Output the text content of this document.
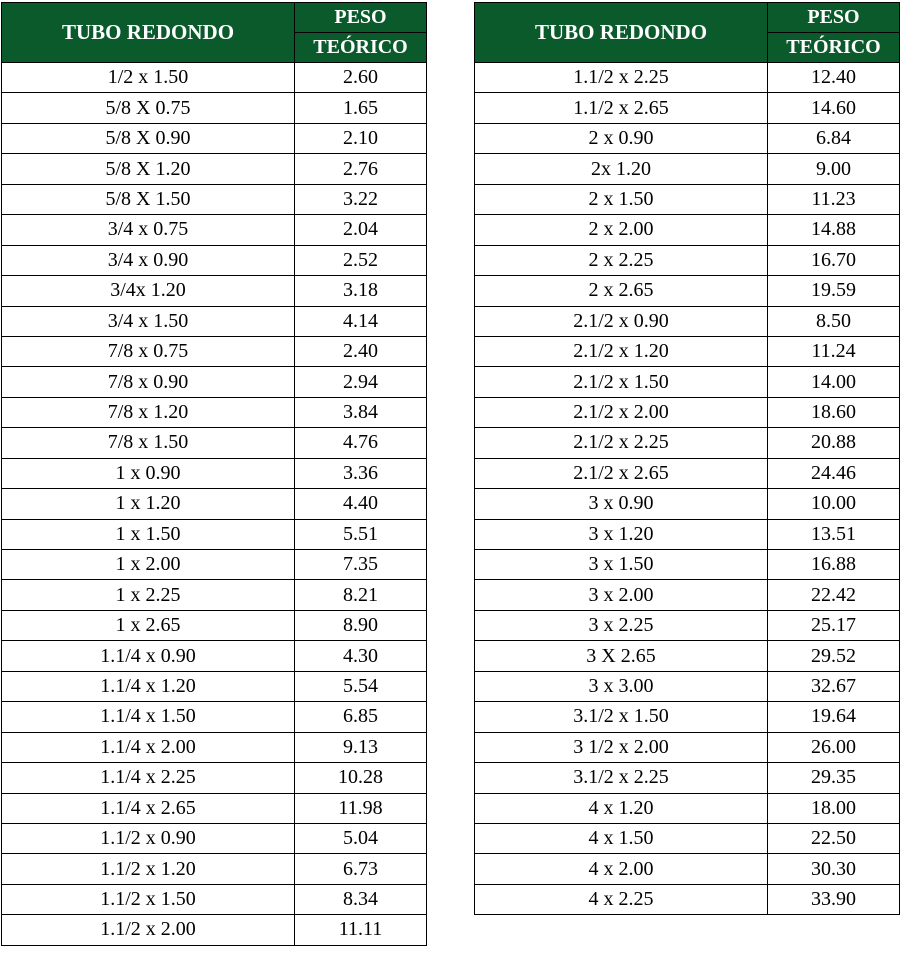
TUBO REDONDO	PESO
	TEÓRICO
1/2 x 1.50	2.60
5/8 X 0.75	1.65
5/8 X 0.90	2.10
5/8 X 1.20	2.76
5/8 X 1.50	3.22
3/4 x 0.75	2.04
3/4 x 0.90	2.52
3/4x 1.20	3.18
3/4 x 1.50	4.14
7/8 x 0.75	2.40
7/8 x 0.90	2.94
7/8 x 1.20	3.84
7/8 x 1.50	4.76
1 x 0.90	3.36
1 x 1.20	4.40
1 x 1.50	5.51
1 x 2.00	7.35
1 x 2.25	8.21
1 x 2.65	8.90
1.1/4 x 0.90	4.30
1.1/4 x 1.20	5.54
1.1/4 x 1.50	6.85
1.1/4 x 2.00	9.13
1.1/4 x 2.25	10.28
1.1/4 x 2.65	11.98
1.1/2 x 0.90	5.04
1.1/2 x 1.20	6.73
1.1/2 x 1.50	8.34
1.1/2 x 2.00	11.11
TUBO REDONDO	PESO
	TEÓRICO
1.1/2 x 2.25	12.40
1.1/2 x 2.65	14.60
2 x 0.90	6.84
2x 1.20	9.00
2 x 1.50	11.23
2 x 2.00	14.88
2 x 2.25	16.70
2 x 2.65	19.59
2.1/2 x 0.90	8.50
2.1/2 x 1.20	11.24
2.1/2 x 1.50	14.00
2.1/2 x 2.00	18.60
2.1/2 x 2.25	20.88
2.1/2 x 2.65	24.46
3 x 0.90	10.00
3 x 1.20	13.51
3 x 1.50	16.88
3 x 2.00	22.42
3 x 2.25	25.17
3 X 2.65	29.52
3 x 3.00	32.67
3.1/2 x 1.50	19.64
3 1/2 x 2.00	26.00
3.1/2 x 2.25	29.35
4 x 1.20	18.00
4 x 1.50	22.50
4 x 2.00	30.30
4 x 2.25	33.90
